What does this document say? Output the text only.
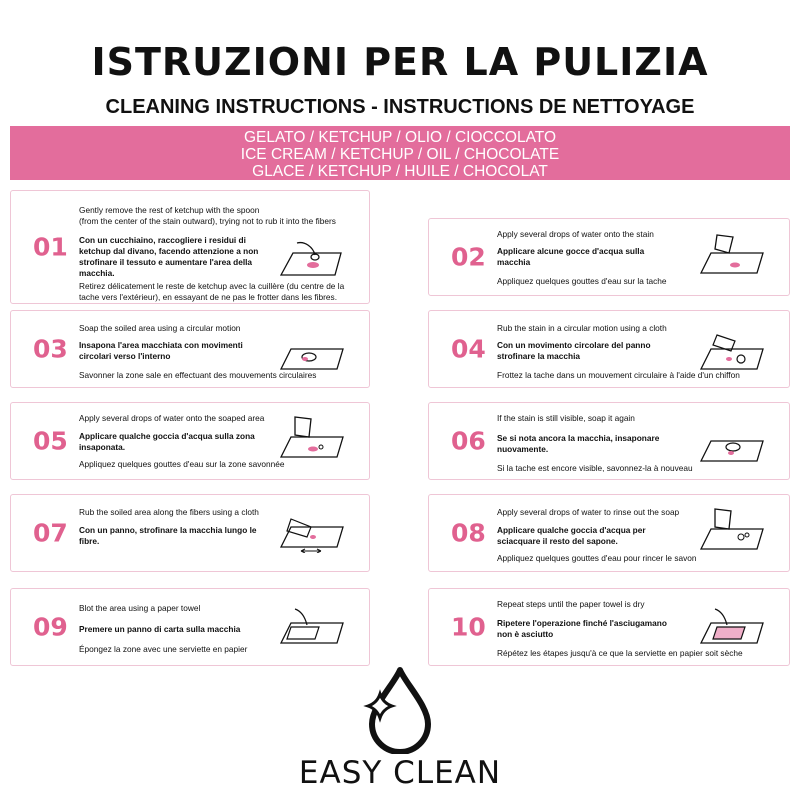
ISTRUZIONI PER LA PULIZIA
CLEANING INSTRUCTIONS - INSTRUCTIONS DE NETTOYAGE
GELATO / KETCHUP / OLIO / CIOCCOLATO
ICE CREAM / KETCHUP / OIL / CHOCOLATE
GLACE / KETCHUP / HUILE / CHOCOLAT
01
Gently remove the rest of ketchup with the spoon
(from the center of the stain outward), trying not to rub it into the fibers
Con un cucchiaino, raccogliere i residui di
ketchup dal divano, facendo attenzione a non
strofinare il tessuto e aumentare l'area della
macchia.
Retirez délicatement le reste de ketchup avec la cuillère (du centre de la
tache vers l'extérieur), en essayant de ne pas le frotter dans les fibres.
02
Apply several drops of water onto the stain
Applicare alcune gocce d'acqua sulla
macchia
Appliquez quelques gouttes d'eau sur la tache
03
Soap the soiled area using a circular motion
Insapona l'area macchiata con movimenti
circolari verso l'interno
Savonner la zone sale en effectuant des mouvements circulaires
04
Rub the stain in a circular motion using a cloth
Con un movimento circolare del panno
strofinare la macchia
Frottez la tache dans un mouvement circulaire à l'aide d'un chiffon
05
Apply several drops of water onto the soaped area
Applicare qualche goccia d'acqua sulla zona
insaponata.
Appliquez quelques gouttes d'eau sur la zone savonnée
06
If the stain is still visible, soap it again
Se si nota ancora la macchia, insaponare
nuovamente.
Si la tache est encore visible, savonnez-la à nouveau
07
Rub the soiled area along the fibers using a cloth
Con un panno, strofinare la macchia lungo le
fibre.	08
Apply several drops of water to rinse out the soap
Applicare qualche goccia d'acqua per
sciacquare il resto del sapone.
Appliquez quelques gouttes d'eau pour rincer le savon
09
Blot the area using a paper towel
Premere un panno di carta sulla macchia
Épongez la zone avec une serviette en papier
10
Repeat steps until the paper towel is dry
Ripetere l'operazione finché l'asciugamano
non è asciutto
Répétez les étapes jusqu'à ce que la serviette en papier soit sèche
EASY CLEAN
